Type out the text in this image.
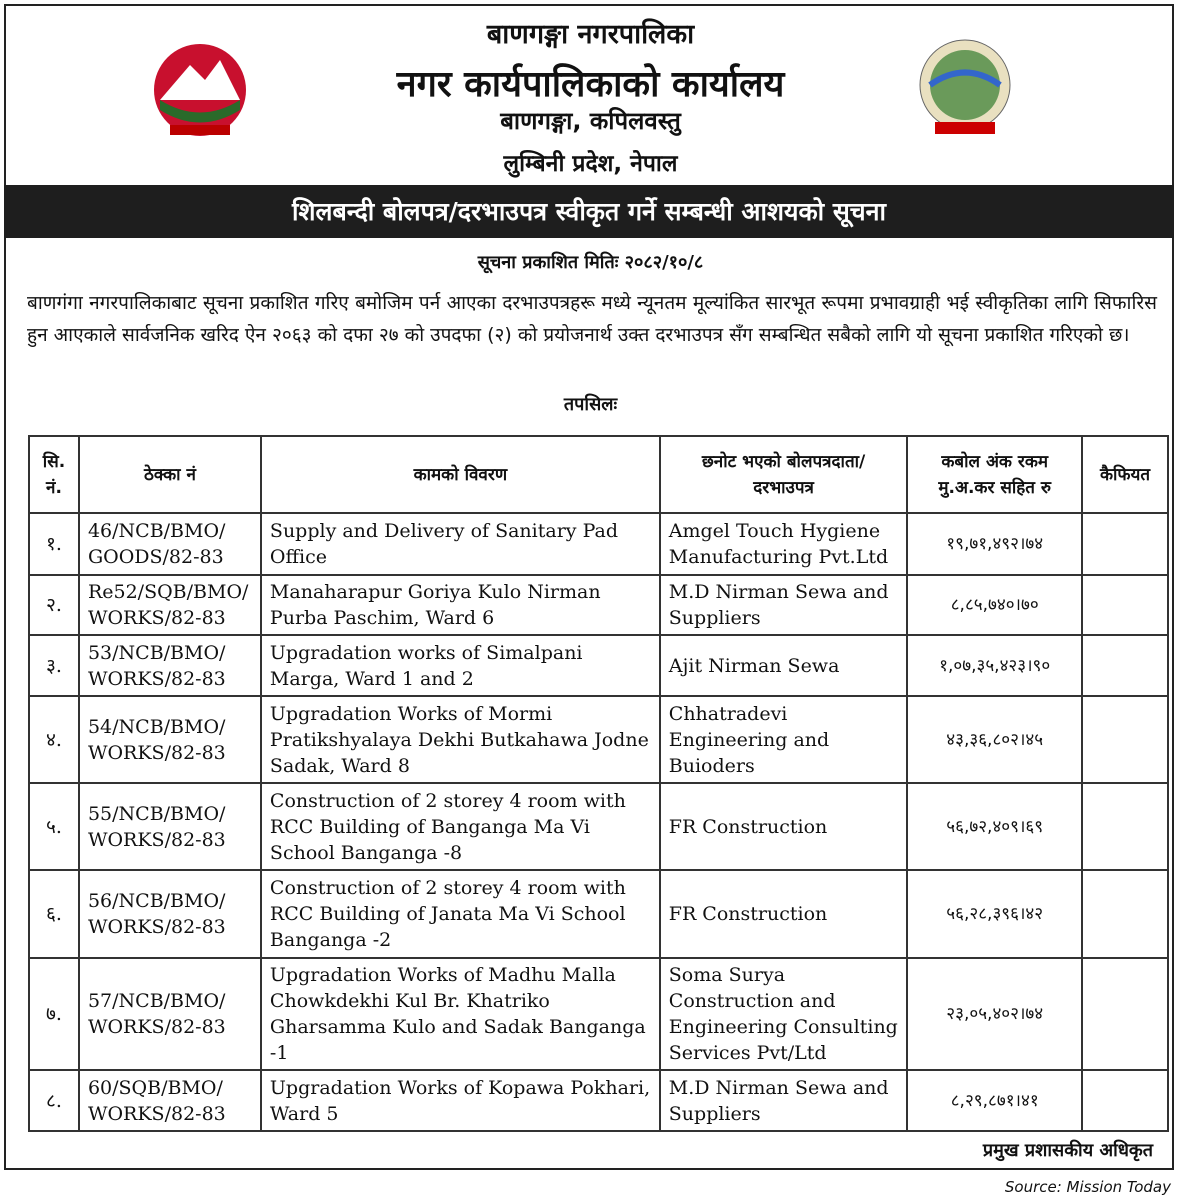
बाणगङ्गा नगरपालिका
नगर कार्यपालिकाको कार्यालय
बाणगङ्गा, कपिलवस्तु
लुम्बिनी प्रदेश, नेपाल
शिलबन्दी बोलपत्र/दरभाउपत्र स्वीकृत गर्ने सम्बन्धी आशयको सूचना
सूचना प्रकाशित मितिः २०८२/१०/८
बाणगंगा नगरपालिकाबाट सूचना प्रकाशित गरिए बमोजिम पर्न आएका दरभाउपत्रहरू मध्ये न्यूनतम मूल्यांकित सारभूत रूपमा प्रभावग्राही भई स्वीकृतिका लागि सिफारिस हुन आएकाले सार्वजनिक खरिद ऐन २०६३ को दफा २७ को उपदफा (२) को प्रयोजनार्थ उक्त दरभाउपत्र सँग सम्बन्धित सबैको लागि यो सूचना प्रकाशित गरिएको छ।
तपसिलः
सि. नं.	ठेक्का नं	कामको विवरण	छनोट भएको बोलपत्रदाता/ दरभाउपत्र	कबोल अंक रकम मु.अ.कर सहित रु	कैफियत
१.	46/NCB/BMO/ GOODS/82-83	Supply and Delivery of Sanitary Pad Office	Amgel Touch Hygiene Manufacturing Pvt.Ltd	१९,७१,४९२।७४	
२.	Re52/SQB/BMO/ WORKS/82-83	Manaharapur Goriya Kulo Nirman Purba Paschim, Ward 6	M.D Nirman Sewa and Suppliers	८,८५,७४०।७०	
३.	53/NCB/BMO/ WORKS/82-83	Upgradation works of Simalpani Marga, Ward 1 and 2	Ajit Nirman Sewa	१,०७,३५,४२३।९०	
४.	54/NCB/BMO/ WORKS/82-83	Upgradation Works of Mormi Pratikshyalaya Dekhi Butkahawa Jodne Sadak, Ward 8	Chhatradevi Engineering and Buioders	४३,३६,८०२।४५	
५.	55/NCB/BMO/ WORKS/82-83	Construction of 2 storey 4 room with RCC Building of Banganga Ma Vi School Banganga -8	FR Construction	५६,७२,४०९।६९	
६.	56/NCB/BMO/ WORKS/82-83	Construction of 2 storey 4 room with RCC Building of Janata Ma Vi School Banganga -2	FR Construction	५६,२८,३९६।४२	
७.	57/NCB/BMO/ WORKS/82-83	Upgradation Works of Madhu Malla Chowkdekhi Kul Br. Khatriko Gharsamma Kulo and Sadak Banganga -1	Soma Surya Construction and Engineering Consulting Services Pvt/Ltd	२३,०५,४०२।७४	
८.	60/SQB/BMO/ WORKS/82-83	Upgradation Works of Kopawa Pokhari, Ward 5	M.D Nirman Sewa and Suppliers	८,२९,८७१।४१	
प्रमुख प्रशासकीय अधिकृत
Source: Mission Today
